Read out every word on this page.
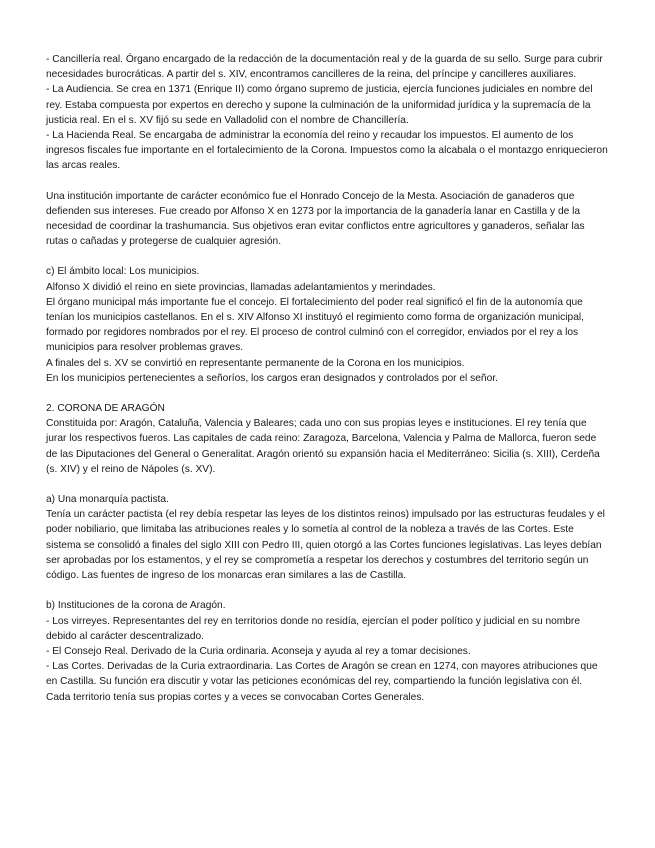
- Cancillería real. Órgano encargado de la redacción de la documentación real y de la guarda de su sello. Surge para cubrir necesidades burocráticas. A partir del s. XIV, encontramos cancilleres de la reina, del príncipe y cancilleres auxiliares.

- La Audiencia. Se crea en 1371 (Enrique II) como órgano supremo de justicia, ejercía funciones judiciales en nombre del rey. Estaba compuesta por expertos en derecho y supone la culminación de la uniformidad jurídica y la supremacía de la justicia real. En el s. XV fijó su sede en Valladolid con el nombre de Chancillería.

- La Hacienda Real. Se encargaba de administrar la economía del reino y recaudar los impuestos. El aumento de los ingresos fiscales fue importante en el fortalecimiento de la Corona. Impuestos como la alcabala o el montazgo enriquecieron las arcas reales.

Una institución importante de carácter económico fue el Honrado Concejo de la Mesta. Asociación de ganaderos que defienden sus intereses. Fue creado por Alfonso X en 1273 por la importancia de la ganadería lanar en Castilla y de la necesidad de coordinar la trashumancia. Sus objetivos eran evitar conflictos entre agricultores y ganaderos, señalar las rutas o cañadas y protegerse de cualquier agresión.

c) El ámbito local: Los municipios.

Alfonso X dividió el reino en siete provincias, llamadas adelantamientos y merindades.

El órgano municipal más importante fue el concejo. El fortalecimiento del poder real significó el fin de la autonomía que tenían los municipios castellanos. En el s. XIV Alfonso XI instituyó el regimiento como forma de organización municipal, formado por regidores nombrados por el rey. El proceso de control culminó con el corregidor, enviados por el rey a los municipios para resolver problemas graves.

A finales del s. XV se convirtió en representante permanente de la Corona en los municipios.

En los municipios pertenecientes a señoríos, los cargos eran designados y controlados por el señor.

2. CORONA DE ARAGÓN

Constituida por: Aragón, Cataluña, Valencia y Baleares; cada uno con sus propias leyes e instituciones. El rey tenía que jurar los respectivos fueros. Las capitales de cada reino: Zaragoza, Barcelona, Valencia y Palma de Mallorca, fueron sede de las Diputaciones del General o Generalitat. Aragón orientó su expansión hacia el Mediterráneo: Sicilia (s. XIII), Cerdeña (s. XIV) y el reino de Nápoles (s. XV).

a) Una monarquía pactista.

Tenía un carácter pactista (el rey debía respetar las leyes de los distintos reinos) impulsado por las estructuras feudales y el poder nobiliario, que limitaba las atribuciones reales y lo sometía al control de la nobleza a través de las Cortes. Este sistema se consolidó a finales del siglo XIII con Pedro III, quien otorgó a las Cortes funciones legislativas. Las leyes debían ser aprobadas por los estamentos, y el rey se comprometía a respetar los derechos y costumbres del territorio según un código. Las fuentes de ingreso de los monarcas eran similares a las de Castilla.

b) Instituciones de la corona de Aragón.

- Los virreyes. Representantes del rey en territorios donde no residía, ejercían el poder político y judicial en su nombre debido al carácter descentralizado.

- El Consejo Real. Derivado de la Curia ordinaria. Aconseja y ayuda al rey a tomar decisiones.

- Las Cortes. Derivadas de la Curia extraordinaria. Las Cortes de Aragón se crean en 1274, con mayores atribuciones que en Castilla. Su función era discutir y votar las peticiones económicas del rey, compartiendo la función legislativa con él. Cada territorio tenía sus propias cortes y a veces se convocaban Cortes Generales.
